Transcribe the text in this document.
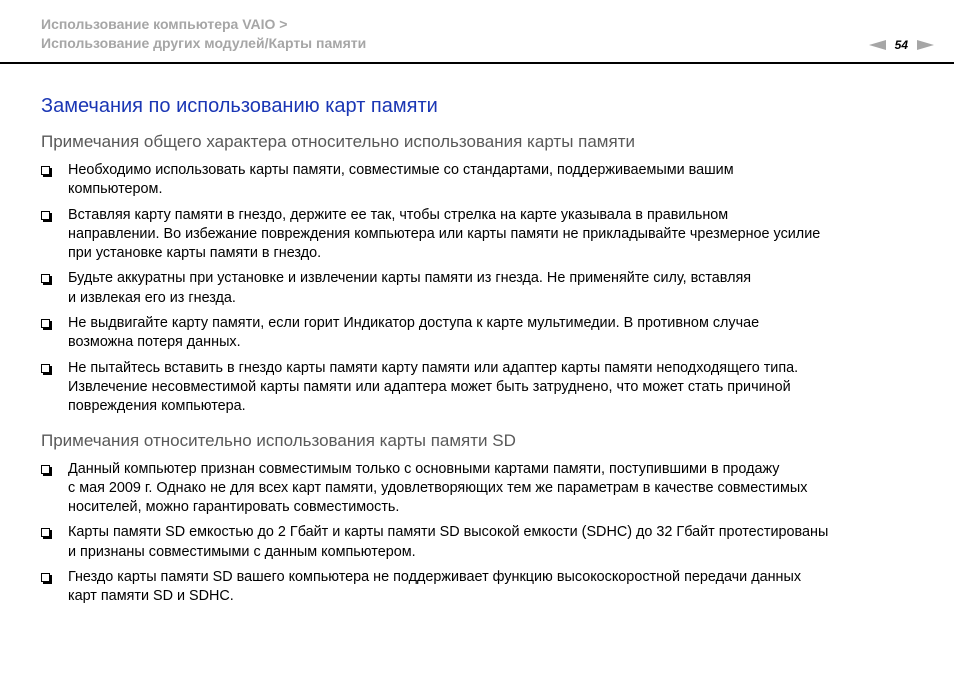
Использование компьютера VAIO >
Использование других модулей/Карты памяти	54
Замечания по использованию карт памяти
Примечания общего характера относительно использования карты памяти
Необходимо использовать карты памяти, совместимые со стандартами, поддерживаемыми вашим
компьютером.
Вставляя карту памяти в гнездо, держите ее так, чтобы стрелка на карте указывала в правильном
направлении. Во избежание повреждения компьютера или карты памяти не прикладывайте чрезмерное усилие
при установке карты памяти в гнездо.
Будьте аккуратны при установке и извлечении карты памяти из гнезда. Не применяйте силу, вставляя
и извлекая его из гнезда.
Не выдвигайте карту памяти, если горит Индикатор доступа к карте мультимедии. В противном случае
возможна потеря данных.
Не пытайтесь вставить в гнездо карты памяти карту памяти или адаптер карты памяти неподходящего типа.
Извлечение несовместимой карты памяти или адаптера может быть затруднено, что может стать причиной
повреждения компьютера.
Примечания относительно использования карты памяти SD
Данный компьютер признан совместимым только с основными картами памяти, поступившими в продажу
с мая 2009 г. Однако не для всех карт памяти, удовлетворяющих тем же параметрам в качестве совместимых
носителей, можно гарантировать совместимость.
Карты памяти SD емкостью до 2 Гбайт и карты памяти SD высокой емкости (SDHC) до 32 Гбайт протестированы
и признаны совместимыми с данным компьютером.
Гнездо карты памяти SD вашего компьютера не поддерживает функцию высокоскоростной передачи данных
карт памяти SD и SDHC.
